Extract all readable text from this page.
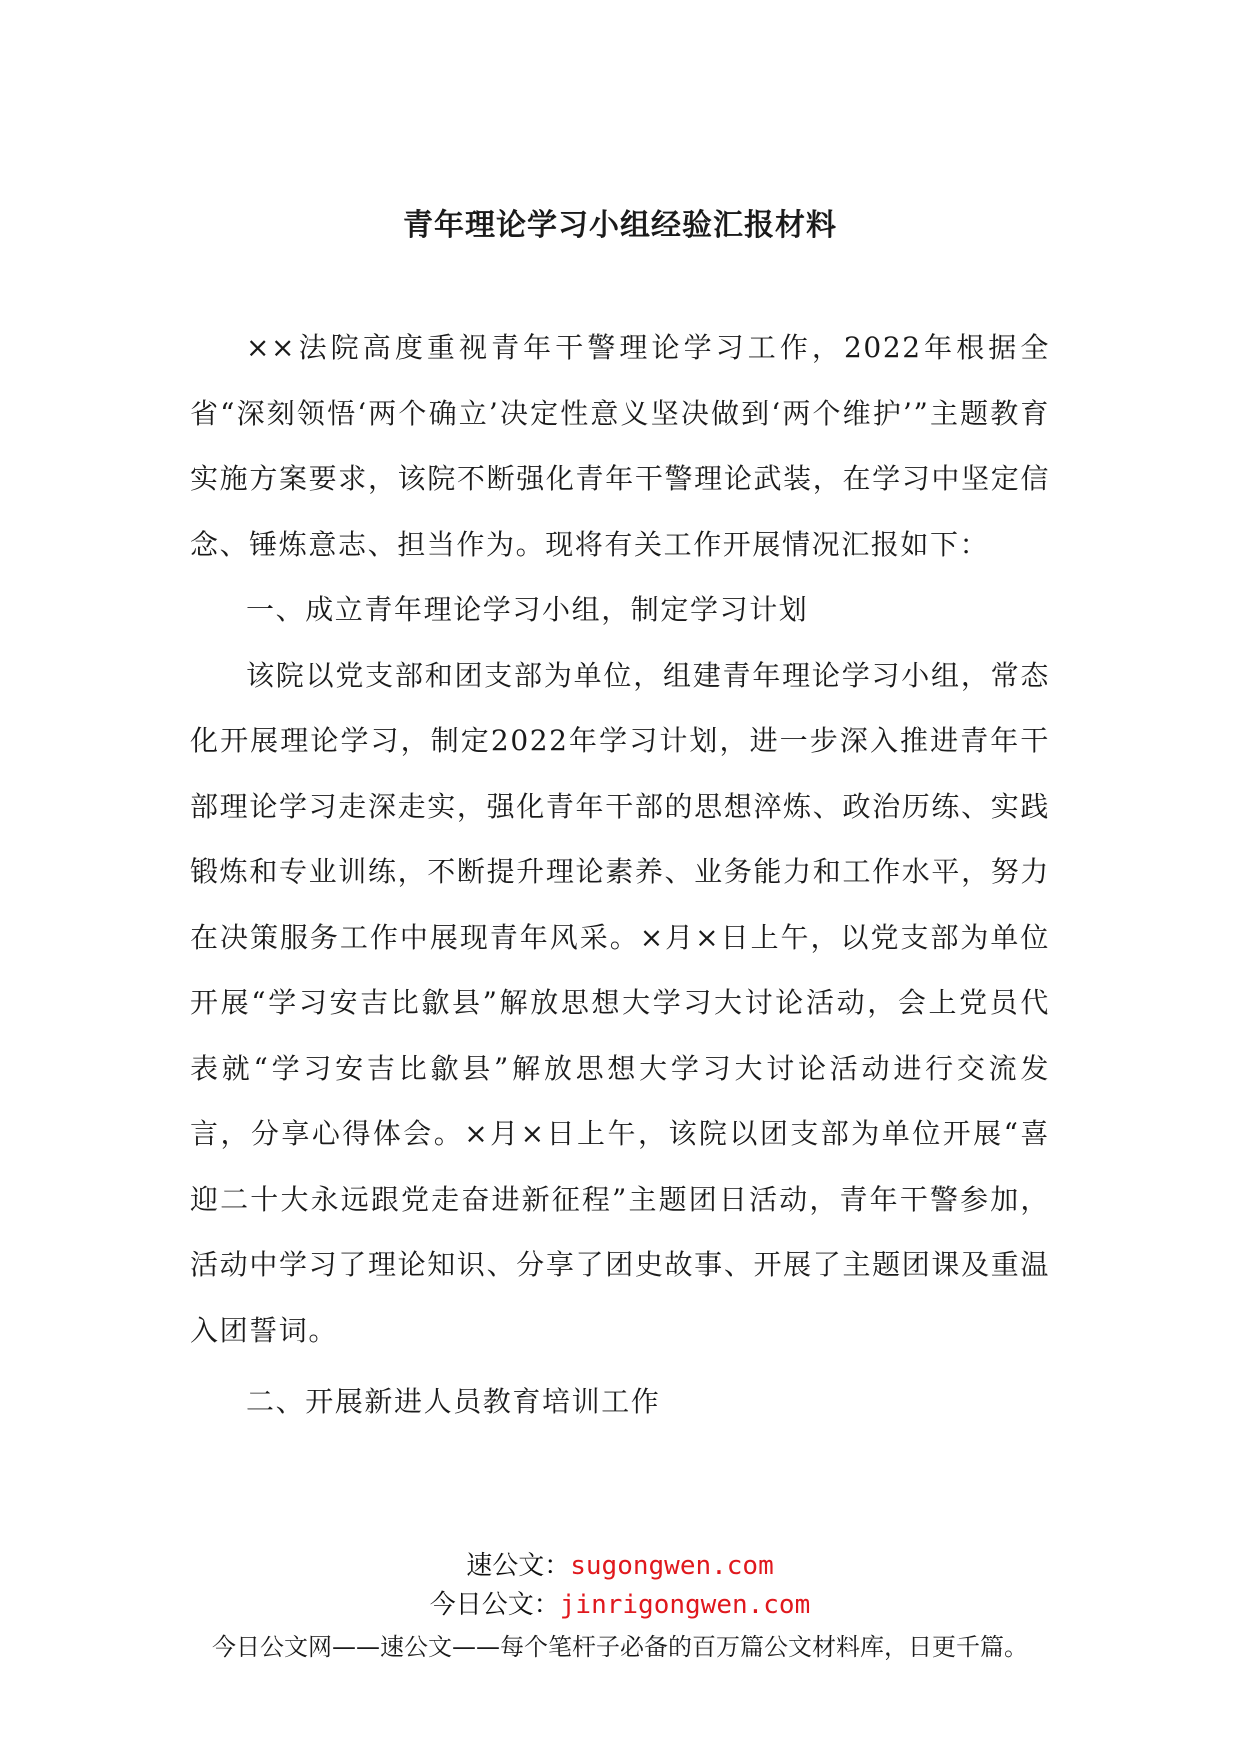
青年理论学习小组经验汇报材料

××法院高度重视青年干警理论学习工作，2022年根据全省“深刻领悟‘两个确立’决定性意义坚决做到‘两个维护’”主题教育实施方案要求，该院不断强化青年干警理论武装，在学习中坚定信念、锤炼意志、担当作为。现将有关工作开展情况汇报如下：

一、成立青年理论学习小组，制定学习计划

该院以党支部和团支部为单位，组建青年理论学习小组，常态化开展理论学习，制定2022年学习计划，进一步深入推进青年干部理论学习走深走实，强化青年干部的思想淬炼、政治历练、实践锻炼和专业训练，不断提升理论素养、业务能力和工作水平，努力在决策服务工作中展现青年风采。×月×日上午，以党支部为单位开展“学习安吉比歙县”解放思想大学习大讨论活动，会上党员代表就“学习安吉比歙县”解放思想大学习大讨论活动进行交流发言，分享心得体会。×月×日上午，该院以团支部为单位开展“喜迎二十大永远跟党走奋进新征程”主题团日活动，青年干警参加，活动中学习了理论知识、分享了团史故事、开展了主题团课及重温入团誓词。

二、开展新进人员教育培训工作

速公文：sugongwen.com
今日公文：jinrigongwen.com
今日公文网——速公文——每个笔杆子必备的百万篇公文材料库，日更千篇。
